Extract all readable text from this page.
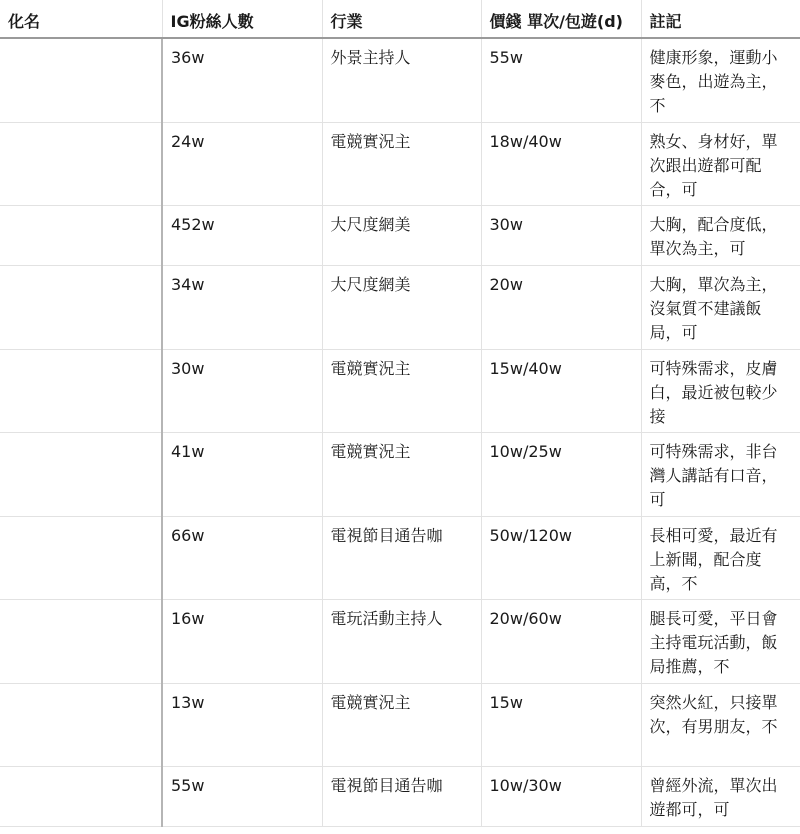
化名	IG粉絲人數	行業	價錢 單次/包遊(d)	註記
	36w	外景主持人	55w	健康形象，運動小麥色，出遊為主，不
	24w	電競實況主	18w/40w	熟女、身材好，單次跟出遊都可配合，可
	452w	大尺度網美	30w	大胸，配合度低，單次為主，可
	34w	大尺度網美	20w	大胸，單次為主，沒氣質不建議飯局，可
	30w	電競實況主	15w/40w	可特殊需求，皮膚白，最近被包較少接
	41w	電競實況主	10w/25w	可特殊需求，非台灣人講話有口音，可
	66w	電視節目通告咖	50w/120w	長相可愛，最近有上新聞，配合度高，不
	16w	電玩活動主持人	20w/60w	腿長可愛，平日會主持電玩活動，飯局推薦，不
	13w	電競實況主	15w	突然火紅，只接單次，有男朋友，不
	55w	電視節目通告咖	10w/30w	曾經外流，單次出遊都可，可
